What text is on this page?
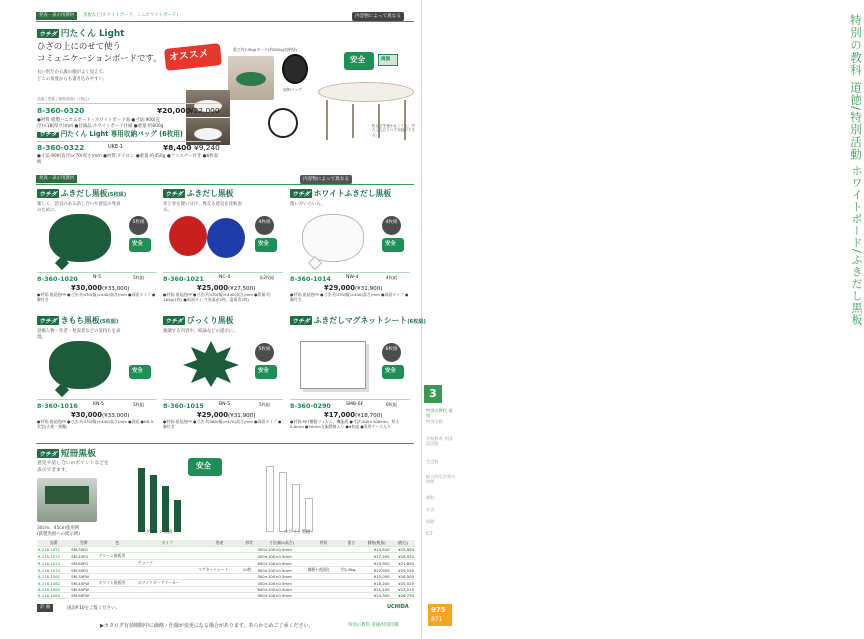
特別の教科 道徳/特別活動
ホワイトボード/ふきだし黒板
3
特別の教科 道徳
特別活動
学校教育 外国語活動
生活科
総合的な学習の時間
理科
社会
保健
ICT
975
871
発表・表示用教材	黒板など(ホワイトボード、ミニホワイトボード)	内容物によって異なる
ウチダ 円たくん Light
ひざの上にのせて使う
コミュニケーションボードです。
丸い形だから誰の顔がよく見えて、
どこの角度からも書き込みやすい。
オススメ	重さ約1.9kg(ボード)約800g(収納袋)
収納バッグ
安全	両面
机などを使わなくても、円たくんひとつで対話ができる。
品番 / 型番 / 価格(税抜) / (税込)
8-360-0320	¥20,000
¥22,000
●材質:紙製ハニカムボード・ホワイトボード面 ●寸法:900(直径)×18(厚さ)mm ●付属品:ホワイトボード仕様 ●重量:約800g
ウチダ 円たくん Light 専用収納バッグ (6枚用)
8-360-0322	UKE-1	¥8,400 ¥9,240
●寸法:900(直径)×70(厚さ)mm ●材質:ナイロン ●重量:約450g ●ファスナー付き ●6枚収納
発表・表示用教材	内容物によって異なる
ウチダ ふきだし黒板(5枚組)
楽しく、活気のある話し合いや意見の発表のために。
5枚組
安全
8-360-1020	N-5	5枚組
¥30,000(¥33,000)
●材質:低発泡PP ●寸法:約470(幅)×440(高さ)mm ●両面タイプ ●脚付き
ウチダ ふきだし黒板
赤と青を使い分け、異なる意見を比較表示。
4枚組
安全
8-360-1021	NC-4	各2枚組
¥25,000(¥27,500)
●材質:低発泡PP ●寸法:約470(幅)×440(高さ)mm ●質量:約165g(1枚) ●両面タイプ(表面赤2枚、裏面青2枚)
ウチダ ホワイトふきだし黒板
使い方いろいろ。
4枚組
安全
8-360-1014	NW-4	4枚組
¥29,000(¥31,900)
●材質:低発泡PP ●寸法:約470(幅)×440(高さ)mm ●両面タイプ ●脚付き
ウチダ きもち黒板(5枚組)
登場人物・作者・発表者などの気持ちを表現。
安全
8-360-1016	KN-5	5枚組
¥30,000(¥33,000)
●材質:低発泡PP ●寸法:約470(幅)×440(高さ)mm ●両面 ●KN-5:雲型(天使・悪魔)
ウチダ びっくり黒板
強調する内容や、結論などの提示に。
5枚組
安全
8-360-1015	BN-5	5枚組
¥29,000(¥31,900)
●材質:低発泡PP ●寸法:約460(幅)×470(高さ)mm ●両面タイプ ●脚付き
ウチダ ふきだしマグネットシート(6枚組)
6枚組
安全
8-360-0290	SMB-6F	6枚組
¥17,000(¥18,700)
●材質:PET樹脂フィルム、機能紙 ●寸法:400×300mm、厚さ0.6mm ●50mm方眼罫線入り ●6枚組 ●専用ケース入り
ウチダ 短冊黒板
意見や話し合いのポイントなどを
表示できます。
30cm、45cm使用例
(鉄製黒板への掲示例)	グリーン黒板
安全
ホワイト黒板
品番	型番	色	タイプ	用途	形状	寸法(幅×高さ)	材質	重さ	価格(税抜)	(税込)
8-218-1071	SM-30FG					300×100×0.5mm			¥14,500	¥15,950
8-218-1072	SM-45FG	グリーン黒板用				450×100×0.5mm			¥17,200	¥18,920
8-218-1073	SM-60FG		チョーク			600×100×0.5mm			¥19,900	¥21,890
8-218-1074	SM-90FG			マグネットシート	10枚	900×100×0.5mm	鋼板+表面化	約1.8kg	¥22,900	¥25,190
8-218-1081	SM-30FW					300×100×0.5mm			¥15,000	¥16,500
8-218-1082	SM-45FW	ホワイト黒板用	ホワイトボードマーカー			450×100×0.5mm			¥18,200	¥20,020
8-218-1083	SM-60FW					600×100×0.5mm			¥21,100	¥23,210
8-218-1084	SM-90FW					900×100×0.5mm			¥24,300	¥26,730
計 画	国語P.10をご覧ください。	UCHIDA
▶カタログ有効期間中に価格・仕様が変更になる場合があります。あらかじめご了承ください。	特別の教科 道徳/特別活動
